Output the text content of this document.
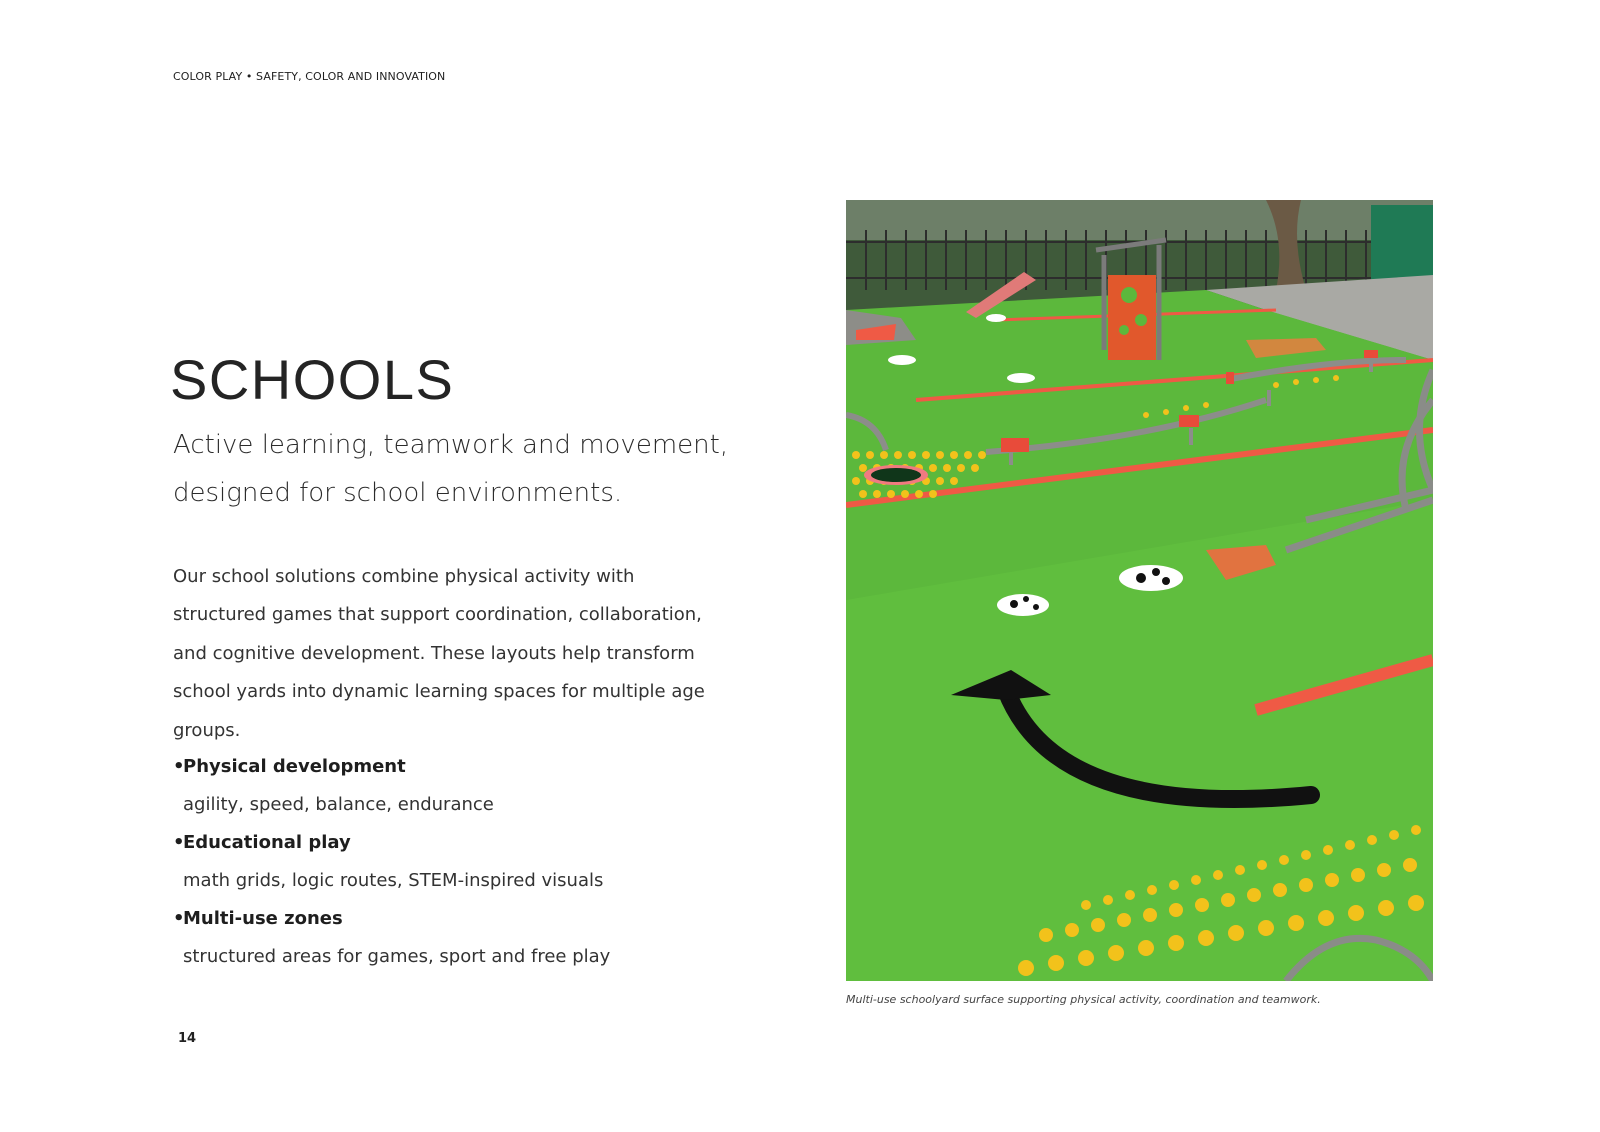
COLOR PLAY • SAFETY, COLOR AND INNOVATION
SCHOOLS

Active learning, teamwork and movement, designed for school environments.

Our school solutions combine physical activity with structured games that support coordination, collaboration, and cognitive development. These layouts help transform school yards into dynamic learning spaces for multiple age groups.

•Physical development
agility, speed, balance, endurance
•Educational play
math grids, logic routes, STEM-inspired visuals
•Multi-use zones
structured areas for games, sport and free play
14
Multi-use schoolyard surface supporting physical activity, coordination and teamwork.
